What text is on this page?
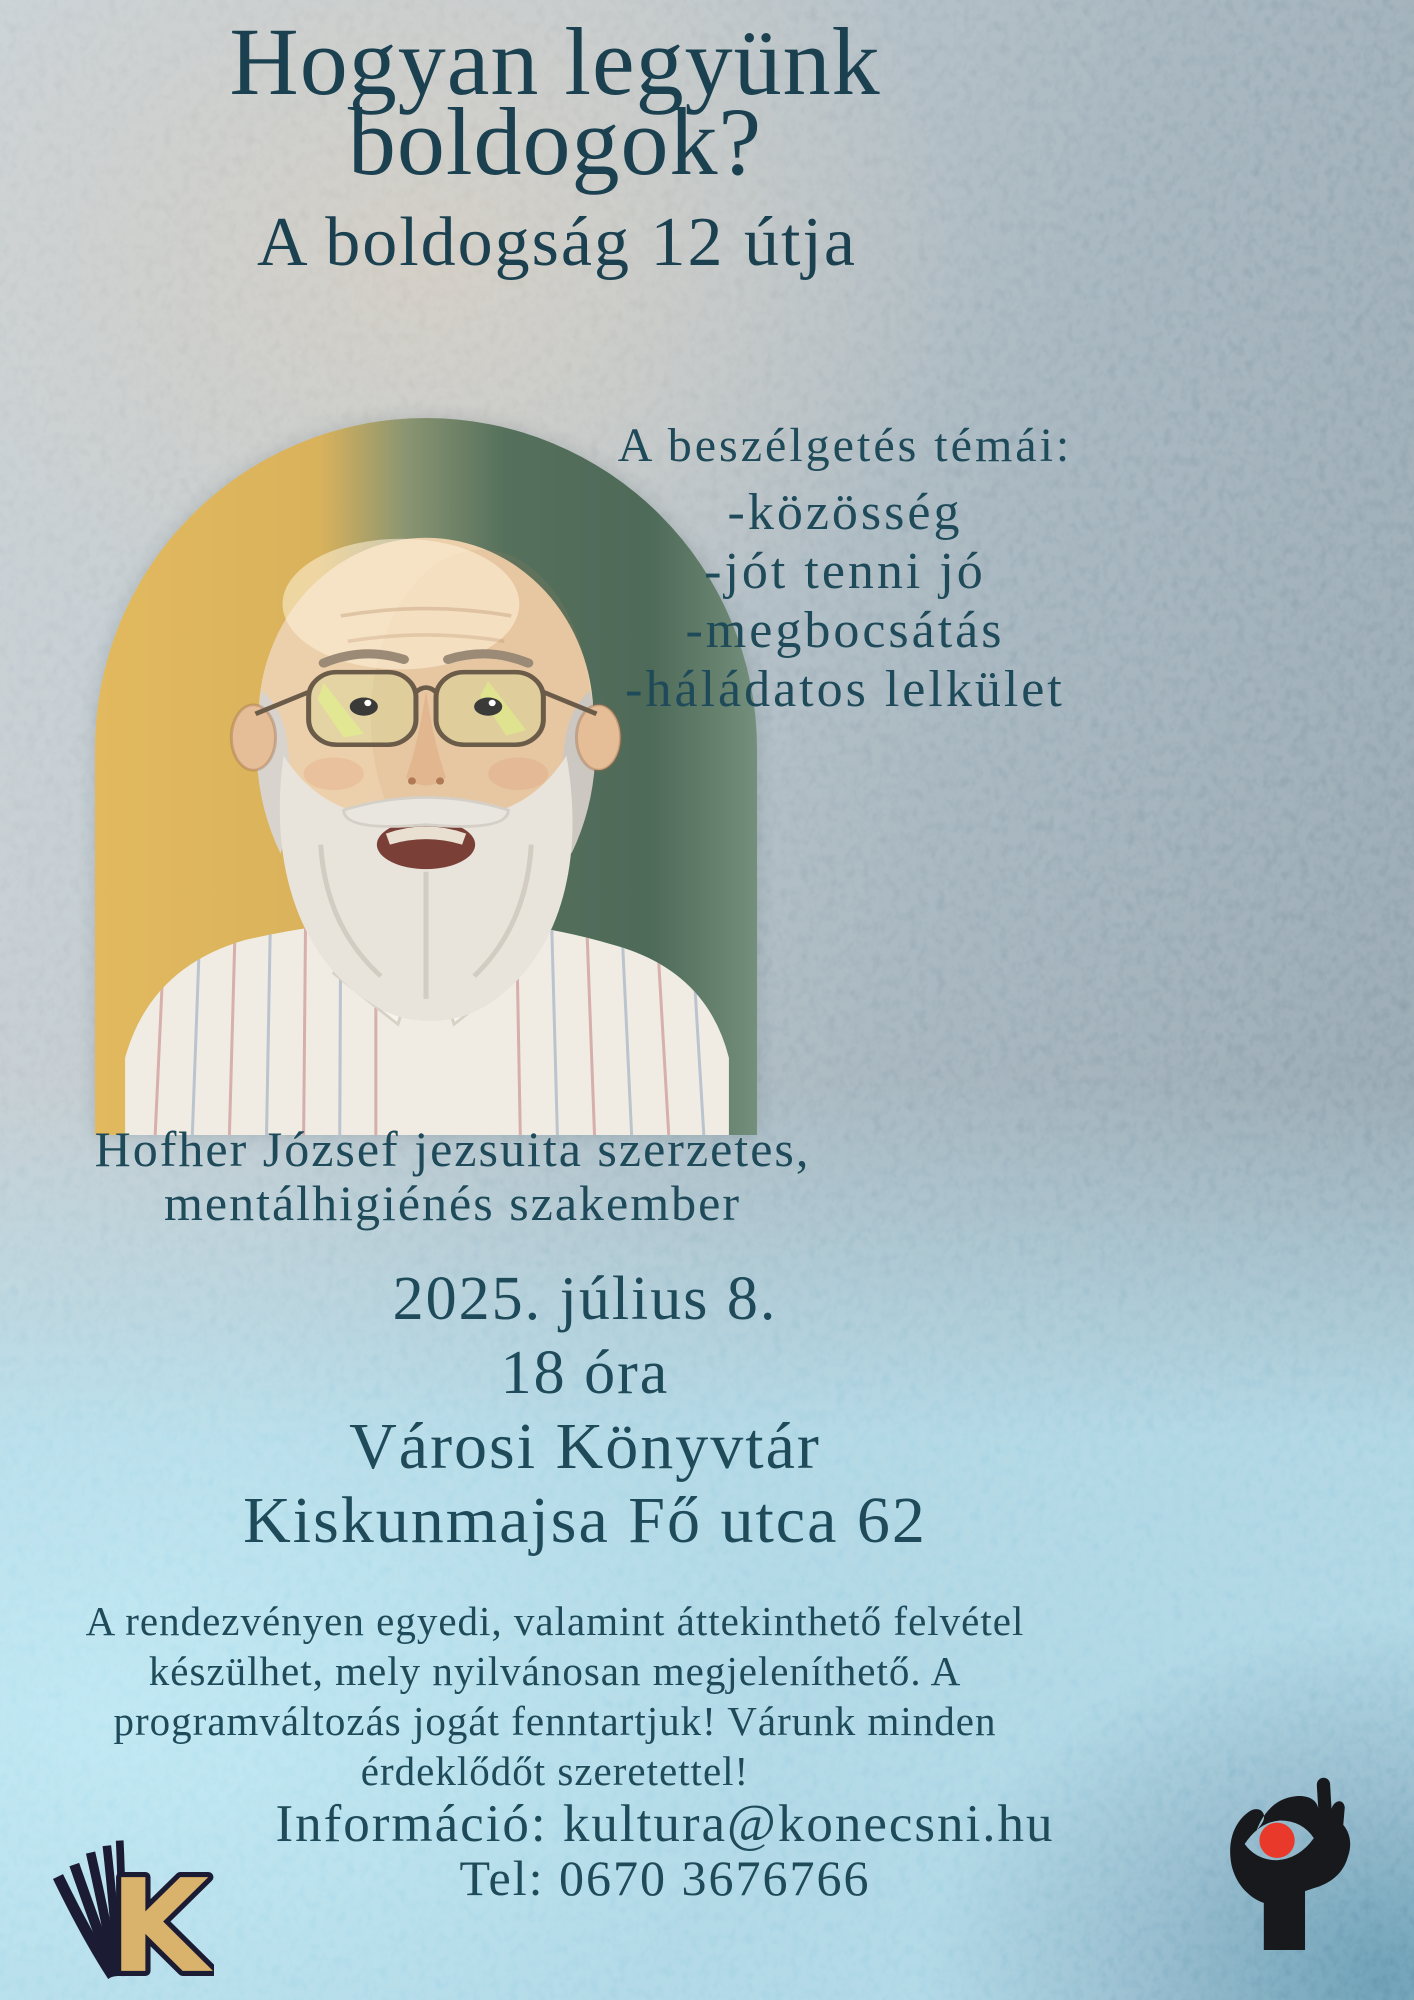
Hogyan legyünk
boldogok?
A boldogság 12 útja
A beszélgetés témái:
-közösség
-jót tenni jó
-megbocsátás
-háládatos lelkület
Hofher József jezsuita szerzetes,
mentálhigiénés szakember
2025. július 8.
18 óra
Városi Könyvtár
Kiskunmajsa Fő utca 62
A rendezvényen egyedi, valamint áttekinthető felvétel
készülhet, mely nyilvánosan megjeleníthető. A
programváltozás jogát fenntartjuk! Várunk minden
érdeklődőt szeretettel!
Információ: kultura@konecsni.hu
Tel: 0670 3676766
K
